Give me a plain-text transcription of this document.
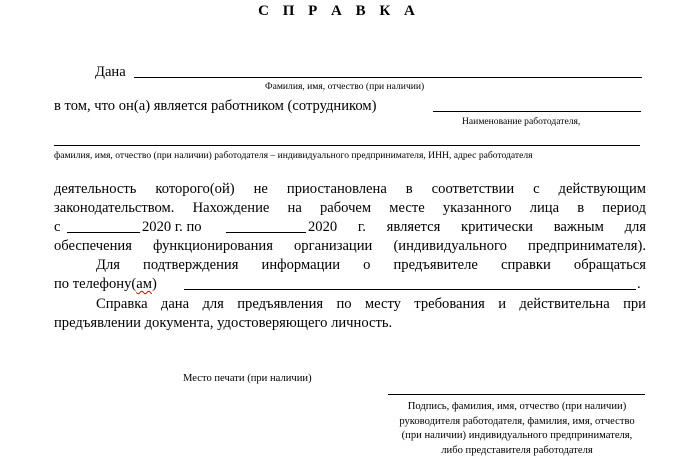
С П Р А В К А
Дана
Фамилия, имя, отчество (при наличии)
в том, что он(а) является работником (сотрудником)
Наименование работодателя,
фамилия, имя, отчество (при наличии) работодателя – индивидуального предпринимателя, ИНН, адрес работодателя
деятельность которого(ой) не приостановлена в соответствии с действующим
законодательством. Нахождение на рабочем месте указанного лица в период
с	2020 г. по	2020 г. является критически важным для
обеспечения функционирования организации (индивидуального предпринимателя).
Для подтверждения информации о предъявителе справки обращаться
по телефону(ам)	.
Справка дана для предъявления по месту требования и действительна при
предъявлении документа, удостоверяющего личность.
Место печати (при наличии)
Подпись, фамилия, имя, отчество (при наличии)
руководителя работодателя, фамилия, имя, отчество
(при наличии) индивидуального предпринимателя,
либо представителя работодателя
